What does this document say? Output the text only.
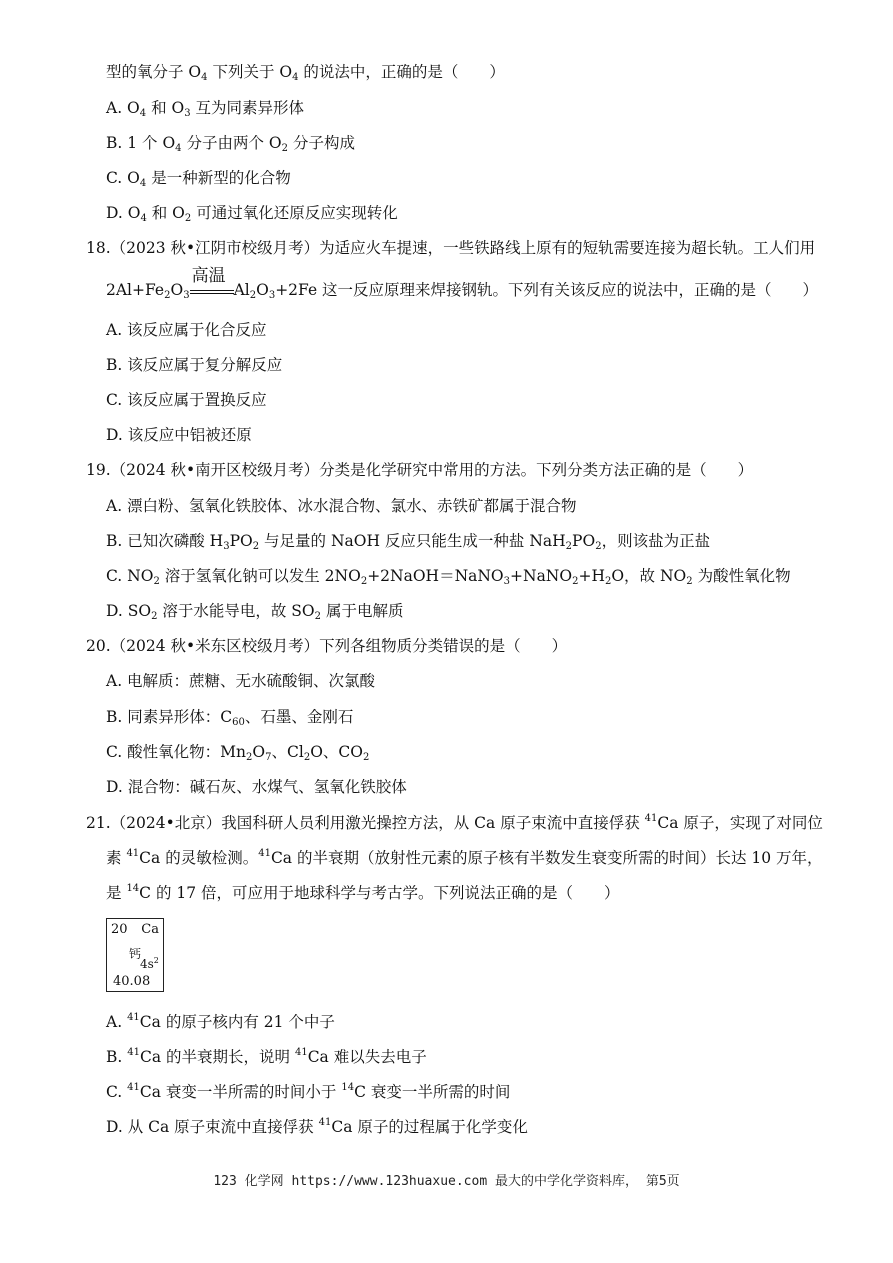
型的氧分子 $O_4$ 下列关于 $O_4$ 的说法中，正确的是（　　）
A. $O_4$ 和 $O_3$ 互为同素异形体
B. 1 个 $O_4$ 分子由两个 $O_2$ 分子构成
C. $O_4$ 是一种新型的化合物
D. $O_4$ 和 $O_2$ 可通过氧化还原反应实现转化
18.（2023 秋•江阴市校级月考）为适应火车提速，一些铁路线上原有的短轨需要连接为超长轨。工人们用
$2Al+Fe_2O_3$
高温
$Al_2O_3+2Fe$ 这一反应原理来焊接钢轨。下列有关该反应的说法中，正确的是（　　）
A. 该反应属于化合反应
B. 该反应属于复分解反应
C. 该反应属于置换反应
D. 该反应中铝被还原
19.（2024 秋•南开区校级月考）分类是化学研究中常用的方法。下列分类方法正确的是（　　）
A. 漂白粉、氢氧化铁胶体、冰水混合物、氯水、赤铁矿都属于混合物
B. 已知次磷酸 $H_3PO_2$ 与足量的 NaOH 反应只能生成一种盐 $NaH_2PO_2$，则该盐为正盐
C. $NO_2$ 溶于氢氧化钠可以发生 $2NO_2+2NaOH=NaNO_3+NaNO_2+H_2O$，故 $NO_2$ 为酸性氧化物
D. $SO_2$ 溶于水能导电，故 $SO_2$ 属于电解质
20.（2024 秋•米东区校级月考）下列各组物质分类错误的是（　　）
A. 电解质：蔗糖、无水硫酸铜、次氯酸
B. 同素异形体：$C_{60}$、石墨、金刚石
C. 酸性氧化物：$Mn_2O_7$、$Cl_2O$、$CO_2$
D. 混合物：碱石灰、水煤气、氢氧化铁胶体
21.（2024•北京）我国科研人员利用激光操控方法，从 Ca 原子束流中直接俘获 $^{41}$Ca 原子，实现了对同位
素 $^{41}$Ca 的灵敏检测。$^{41}$Ca 的半衰期（放射性元素的原子核有半数发生衰变所需的时间）长达 10 万年，
是 $^{14}$C 的 17 倍，可应用于地球科学与考古学。下列说法正确的是（　　）
20 Ca
钙
$4s^2$
40.08
A. $^{41}$Ca 的原子核内有 21 个中子
B. $^{41}$Ca 的半衰期长，说明 $^{41}$Ca 难以失去电子
C. $^{41}$Ca 衰变一半所需的时间小于 $^{14}$C 衰变一半所需的时间
D. 从 Ca 原子束流中直接俘获 $^{41}$Ca 原子的过程属于化学变化
123 化学网 https://www.123huaxue.com 最大的中学化学资料库， 第5页
